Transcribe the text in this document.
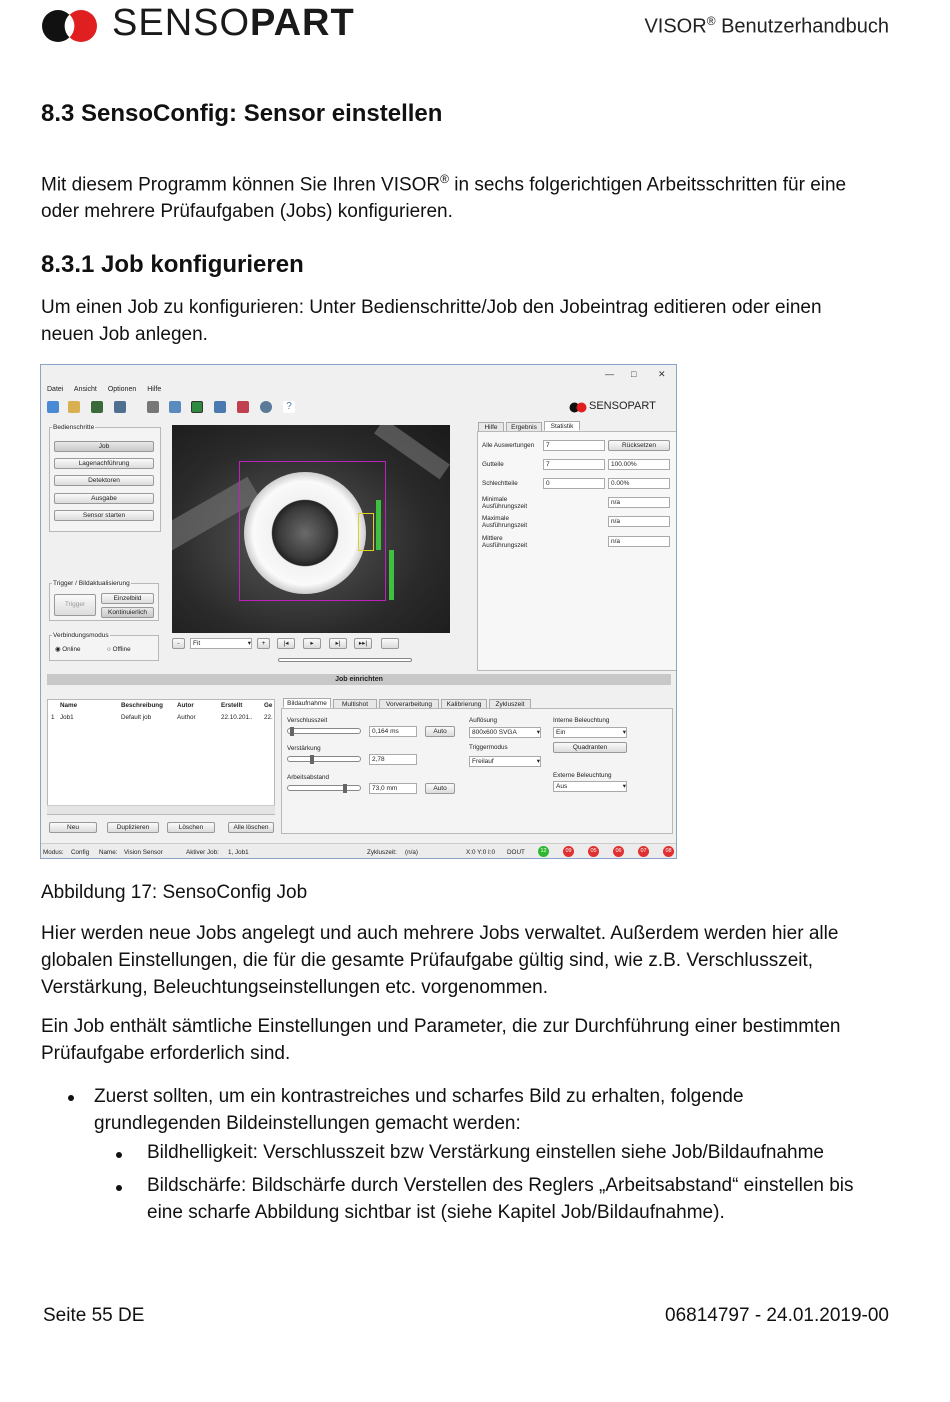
SENSOPART	VISOR® Benutzerhandbuch
8.3 SensoConfig: Sensor einstellen
Mit diesem Programm können Sie Ihren VISOR® in sechs folgerichtigen Arbeitsschritten für eine
oder mehrere Prüfaufgaben (Jobs) konfigurieren.
8.3.1 Job konfigurieren
Um einen Job zu konfigurieren: Unter Bedienschritte/Job den Jobeintrag editieren oder einen
neuen Job anlegen.
— □ ✕
Datei Ansicht Optionen Hilfe
?	SENSOPART
Bedienschritte
Job
Lagenachführung
Detektoren
Ausgabe
Sensor starten
Trigger / Bildaktualisierung
Trigger
Einzelbild
Kontinuierlich
Verbindungsmodus
◉ Online	○ Offline
-	Fit	▾	+	|◂	▸	▸|	▸▸|
Hilfe	Ergebnis	Statistik
Alle Auswertungen	7	Rücksetzen
Gutteile	7	100.00%
Schlechtteile	0	0.00%
Minimale Ausführungszeit
n/a
Maximale Ausführungszeit
n/a
Mittlere Ausführungszeit
n/a
Job einrichten
Name	Beschreibung Autor	Erstellt	Ge
1 Job1	Default job	Author	22.10.201.. 22.
Neu	Duplizieren	Löschen	Alle löschen
Bildaufnahme	Multishot	Vorverarbeitung	Kalibrierung	Zykluszeit
Verschlusszeit
0,164 ms	Auto
Verstärkung
2,78
Arbeitsabstand
73,0 mm	Auto
Auflösung
800x600 SVGA	▾
Triggermodus
Freilauf	▾
Interne Beleuchtung
Ein	▾
Quadranten
Externe Beleuchtung
Aus	▾
Modus: Config Name: Vision Sensor	Aktiver Job: 1, Job1	Zykluszeit: (n/a)	X:0 Y:0 I:0 DOUT	12	09	05	06	07	08
Abbildung 17: SensoConfig Job
Hier werden neue Jobs angelegt und auch mehrere Jobs verwaltet. Außerdem werden hier alle
globalen Einstellungen, die für die gesamte Prüfaufgabe gültig sind, wie z.B. Verschlusszeit,
Verstärkung, Beleuchtungseinstellungen etc. vorgenommen.
Ein Job enthält sämtliche Einstellungen und Parameter, die zur Durchführung einer bestimmten
Prüfaufgabe erforderlich sind.
Zuerst sollten, um ein kontrastreiches und scharfes Bild zu erhalten, folgende
grundlegenden Bildeinstellungen gemacht werden:
Bildhelligkeit: Verschlusszeit bzw Verstärkung einstellen siehe Job/Bildaufnahme
Bildschärfe: Bildschärfe durch Verstellen des Reglers „Arbeitsabstand“ einstellen bis
eine scharfe Abbildung sichtbar ist (siehe Kapitel Job/Bildaufnahme).
Seite 55 DE	06814797 - 24.01.2019-00
